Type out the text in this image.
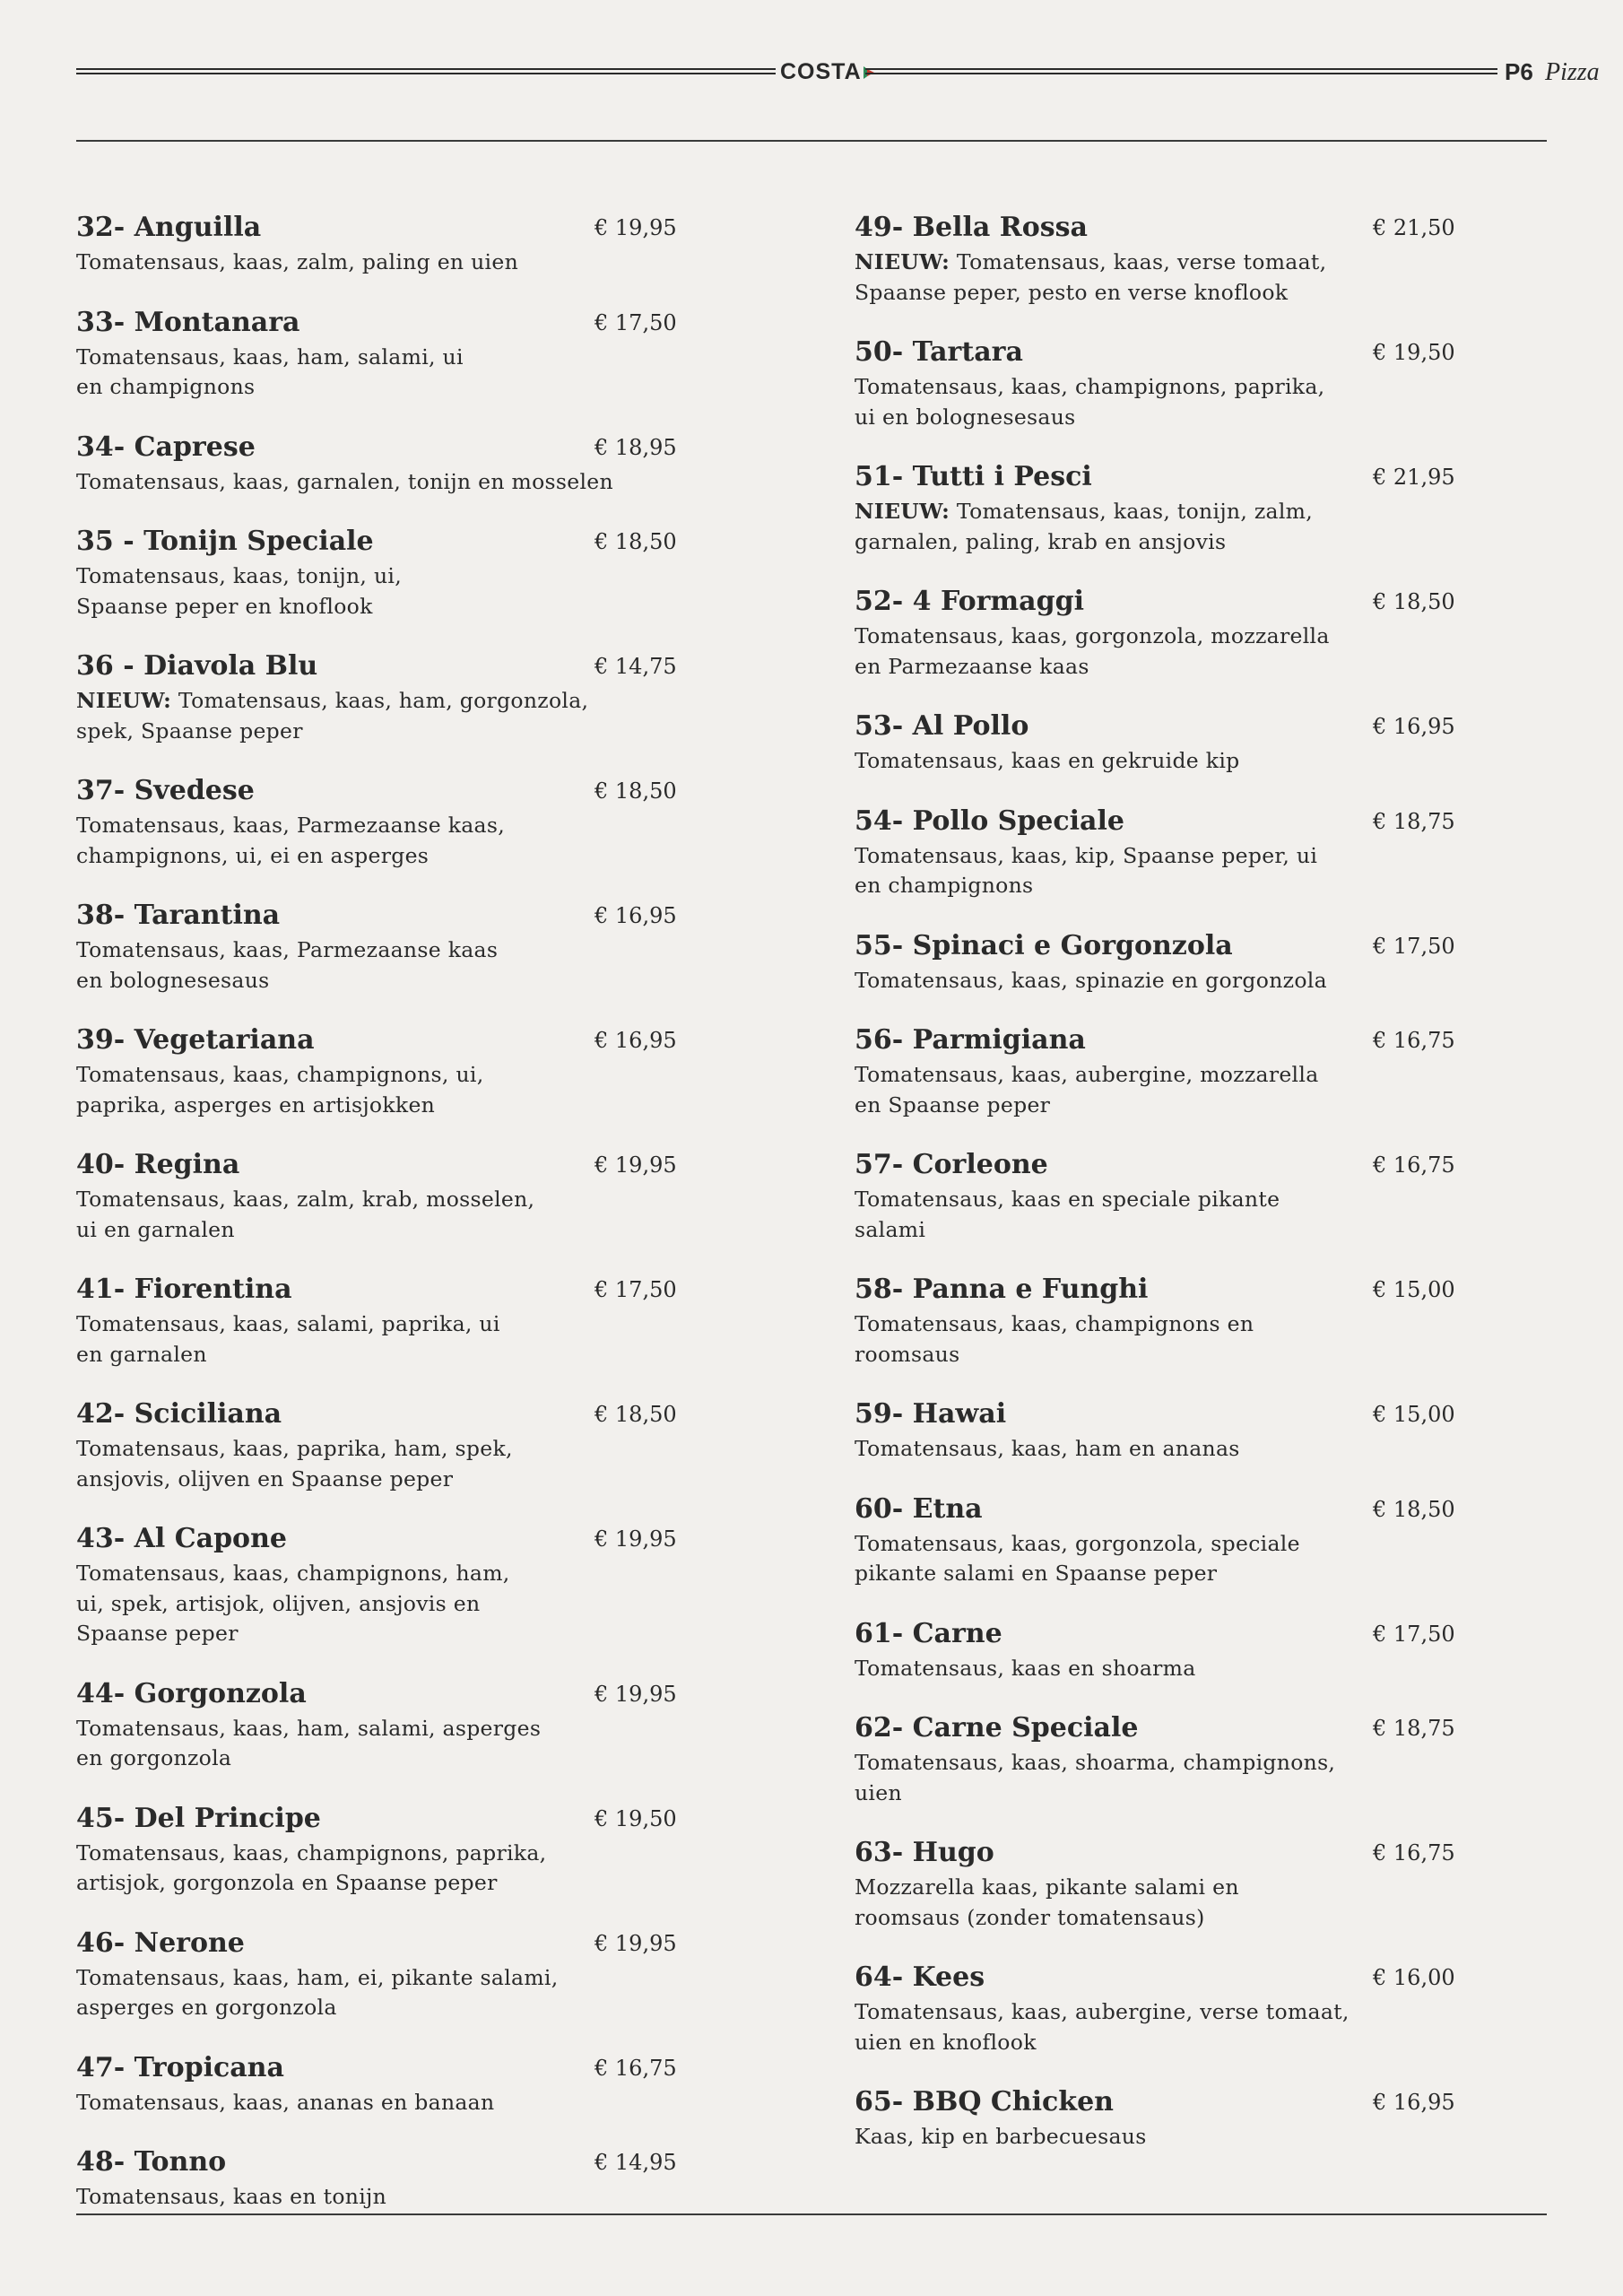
COSTA	P6 Pizza
32- Anguilla	€ 19,95
Tomatensaus, kaas, zalm, paling en uien
33- Montanara	€ 17,50
Tomatensaus, kaas, ham, salami, ui
en champignons
34- Caprese	€ 18,95
Tomatensaus, kaas, garnalen, tonijn en mosselen
35 - Tonijn Speciale	€ 18,50
Tomatensaus, kaas, tonijn, ui,
Spaanse peper en knoflook
36 - Diavola Blu	€ 14,75
NIEUW: Tomatensaus, kaas, ham, gorgonzola,
spek, Spaanse peper
37- Svedese	€ 18,50
Tomatensaus, kaas, Parmezaanse kaas,
champignons, ui, ei en asperges
38- Tarantina	€ 16,95
Tomatensaus, kaas, Parmezaanse kaas
en bolognesesaus
39- Vegetariana	€ 16,95
Tomatensaus, kaas, champignons, ui,
paprika, asperges en artisjokken
40- Regina	€ 19,95
Tomatensaus, kaas, zalm, krab, mosselen,
ui en garnalen
41- Fiorentina	€ 17,50
Tomatensaus, kaas, salami, paprika, ui
en garnalen
42- Sciciliana	€ 18,50
Tomatensaus, kaas, paprika, ham, spek,
ansjovis, olijven en Spaanse peper
43- Al Capone	€ 19,95
Tomatensaus, kaas, champignons, ham,
ui, spek, artisjok, olijven, ansjovis en
Spaanse peper
44- Gorgonzola	€ 19,95
Tomatensaus, kaas, ham, salami, asperges
en gorgonzola
45- Del Principe	€ 19,50
Tomatensaus, kaas, champignons, paprika,
artisjok, gorgonzola en Spaanse peper
46- Nerone	€ 19,95
Tomatensaus, kaas, ham, ei, pikante salami,
asperges en gorgonzola
47- Tropicana	€ 16,75
Tomatensaus, kaas, ananas en banaan
48- Tonno	€ 14,95
Tomatensaus, kaas en tonijn
49- Bella Rossa	€ 21,50
NIEUW: Tomatensaus, kaas, verse tomaat,
Spaanse peper, pesto en verse knoflook
50- Tartara	€ 19,50
Tomatensaus, kaas, champignons, paprika,
ui en bolognesesaus
51- Tutti i Pesci	€ 21,95
NIEUW: Tomatensaus, kaas, tonijn, zalm,
garnalen, paling, krab en ansjovis
52- 4 Formaggi	€ 18,50
Tomatensaus, kaas, gorgonzola, mozzarella
en Parmezaanse kaas
53- Al Pollo	€ 16,95
Tomatensaus, kaas en gekruide kip
54- Pollo Speciale	€ 18,75
Tomatensaus, kaas, kip, Spaanse peper, ui
en champignons
55- Spinaci e Gorgonzola	€ 17,50
Tomatensaus, kaas, spinazie en gorgonzola
56- Parmigiana	€ 16,75
Tomatensaus, kaas, aubergine, mozzarella
en Spaanse peper
57- Corleone	€ 16,75
Tomatensaus, kaas en speciale pikante
salami
58- Panna e Funghi	€ 15,00
Tomatensaus, kaas, champignons en
roomsaus
59- Hawai	€ 15,00
Tomatensaus, kaas, ham en ananas
60- Etna	€ 18,50
Tomatensaus, kaas, gorgonzola, speciale
pikante salami en Spaanse peper
61- Carne	€ 17,50
Tomatensaus, kaas en shoarma
62- Carne Speciale	€ 18,75
Tomatensaus, kaas, shoarma, champignons,
uien
63- Hugo	€ 16,75
Mozzarella kaas, pikante salami en
roomsaus (zonder tomatensaus)
64- Kees	€ 16,00
Tomatensaus, kaas, aubergine, verse tomaat,
uien en knoflook
65- BBQ Chicken	€ 16,95
Kaas, kip en barbecuesaus
